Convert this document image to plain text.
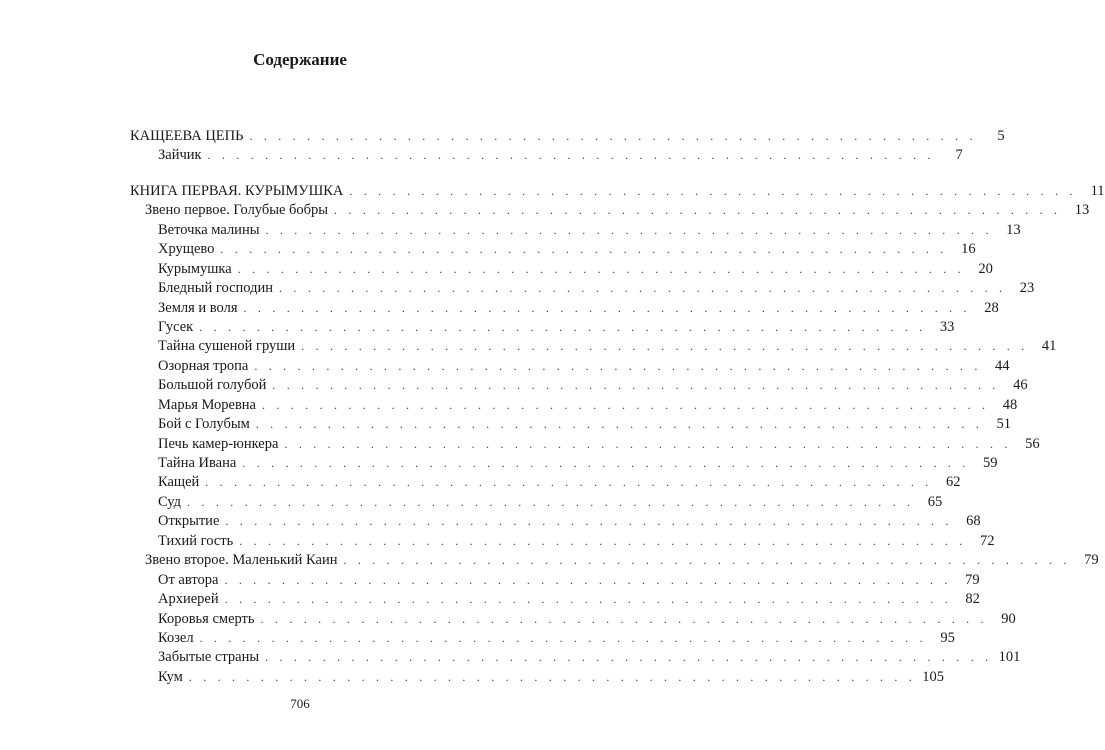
Содержание
КАЩЕЕВА ЦЕПЬ . . . . . . . . . . . . . . . . . . . . . . . . . . . . . . . . . . . . . . . . . . . . . . . . . . .	5
Зайчик . . . . . . . . . . . . . . . . . . . . . . . . . . . . . . . . . . . . . . . . . . . . . . . . . . .	7
КНИГА ПЕРВАЯ. КУРЫМУШКА . . . . . . . . . . . . . . . . . . . . . . . . . . . . . . . . . . . . . . . . . . . . . . . . . . . 11
Звено первое. Голубые бобры . . . . . . . . . . . . . . . . . . . . . . . . . . . . . . . . . . . . . . . . . . . . . . . . . . . 13
Веточка малины . . . . . . . . . . . . . . . . . . . . . . . . . . . . . . . . . . . . . . . . . . . . . . . . . . . 13
Хрущево . . . . . . . . . . . . . . . . . . . . . . . . . . . . . . . . . . . . . . . . . . . . . . . . . . . 16
Курымушка . . . . . . . . . . . . . . . . . . . . . . . . . . . . . . . . . . . . . . . . . . . . . . . . . . . 20
Бледный господин . . . . . . . . . . . . . . . . . . . . . . . . . . . . . . . . . . . . . . . . . . . . . . . . . . . 23
Земля и воля . . . . . . . . . . . . . . . . . . . . . . . . . . . . . . . . . . . . . . . . . . . . . . . . . . . 28
Гусек . . . . . . . . . . . . . . . . . . . . . . . . . . . . . . . . . . . . . . . . . . . . . . . . . . . 33
Тайна сушеной груши . . . . . . . . . . . . . . . . . . . . . . . . . . . . . . . . . . . . . . . . . . . . . . . . . . . 41
Озорная тропа . . . . . . . . . . . . . . . . . . . . . . . . . . . . . . . . . . . . . . . . . . . . . . . . . . . 44
Большой голубой . . . . . . . . . . . . . . . . . . . . . . . . . . . . . . . . . . . . . . . . . . . . . . . . . . . 46
Марья Моревна . . . . . . . . . . . . . . . . . . . . . . . . . . . . . . . . . . . . . . . . . . . . . . . . . . . 48
Бой с Голубым . . . . . . . . . . . . . . . . . . . . . . . . . . . . . . . . . . . . . . . . . . . . . . . . . . . 51
Печь камер-юнкера . . . . . . . . . . . . . . . . . . . . . . . . . . . . . . . . . . . . . . . . . . . . . . . . . . . 56
Тайна Ивана . . . . . . . . . . . . . . . . . . . . . . . . . . . . . . . . . . . . . . . . . . . . . . . . . . . 59
Кащей . . . . . . . . . . . . . . . . . . . . . . . . . . . . . . . . . . . . . . . . . . . . . . . . . . . 62
Суд . . . . . . . . . . . . . . . . . . . . . . . . . . . . . . . . . . . . . . . . . . . . . . . . . . . 65
Открытие . . . . . . . . . . . . . . . . . . . . . . . . . . . . . . . . . . . . . . . . . . . . . . . . . . . 68
Тихий гость . . . . . . . . . . . . . . . . . . . . . . . . . . . . . . . . . . . . . . . . . . . . . . . . . . . 72
Звено второе. Маленький Каин . . . . . . . . . . . . . . . . . . . . . . . . . . . . . . . . . . . . . . . . . . . . . . . . . . . 79
От автора . . . . . . . . . . . . . . . . . . . . . . . . . . . . . . . . . . . . . . . . . . . . . . . . . . . 79
Архиерей . . . . . . . . . . . . . . . . . . . . . . . . . . . . . . . . . . . . . . . . . . . . . . . . . . . 82
Коровья смерть . . . . . . . . . . . . . . . . . . . . . . . . . . . . . . . . . . . . . . . . . . . . . . . . . . . 90
Козел . . . . . . . . . . . . . . . . . . . . . . . . . . . . . . . . . . . . . . . . . . . . . . . . . . . 95
Забытые страны . . . . . . . . . . . . . . . . . . . . . . . . . . . . . . . . . . . . . . . . . . . . . . . . . . . 101
Кум . . . . . . . . . . . . . . . . . . . . . . . . . . . . . . . . . . . . . . . . . . . . . . . . . . . 105
706
